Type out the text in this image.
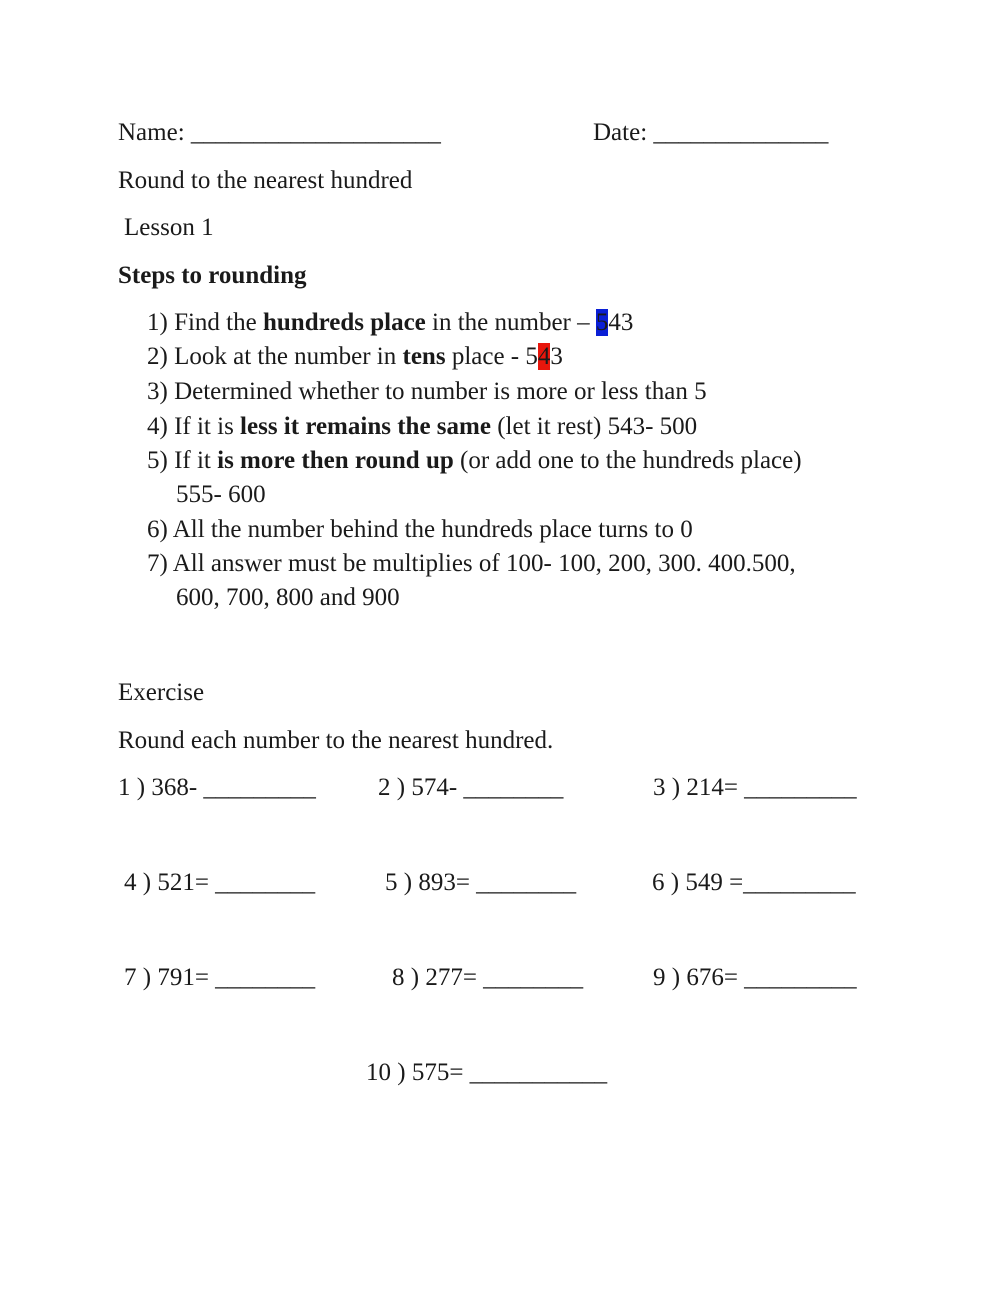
Name: ____________________	Date: ______________
Round to the nearest hundred
Lesson 1
Steps to rounding
1) Find the hundreds place in the number – 543
2) Look at the number in tens place - 543
3) Determined whether to number is more or less than 5
4) If it is less it remains the same (let it rest) 543- 500
5) If it is more then round up (or add one to the hundreds place)
555- 600
6) All the number behind the hundreds place turns to 0
7) All answer must be multiplies of 100- 100, 200, 300. 400.500,
600, 700, 800 and 900
Exercise
Round each number to the nearest hundred.
1 ) 368- _________ 2 ) 574- ________	3 ) 214= _________
4 ) 521= ________	5 ) 893= ________	6 ) 549 =_________
7 ) 791= ________	8 ) 277= ________	9 ) 676= _________
10 ) 575= ___________
